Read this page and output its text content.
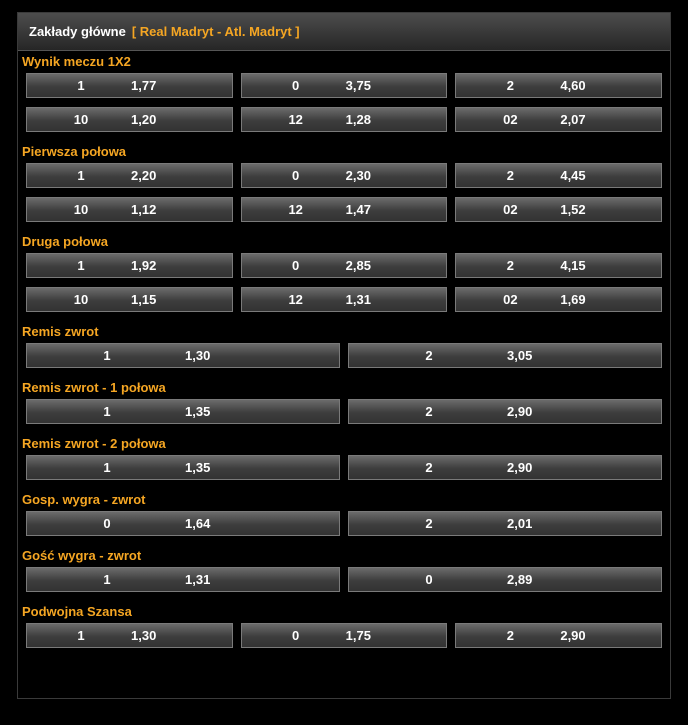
Zakłady główne [ Real Madryt - Atl. Madryt ]
Wynik meczu 1X2
1	1,77	0	3,75	2	4,60
10	1,20	12	1,28	02	2,07
Pierwsza połowa
1	2,20	0	2,30	2	4,45
10	1,12	12	1,47	02	1,52
Druga połowa
1	1,92	0	2,85	2	4,15
10	1,15	12	1,31	02	1,69
Remis zwrot
1	1,30	2	3,05
Remis zwrot - 1 połowa
1	1,35	2	2,90
Remis zwrot - 2 połowa
1	1,35	2	2,90
Gosp. wygra - zwrot
0	1,64	2	2,01
Gość wygra - zwrot
1	1,31	0	2,89
Podwojna Szansa
1	1,30	0	1,75	2	2,90
